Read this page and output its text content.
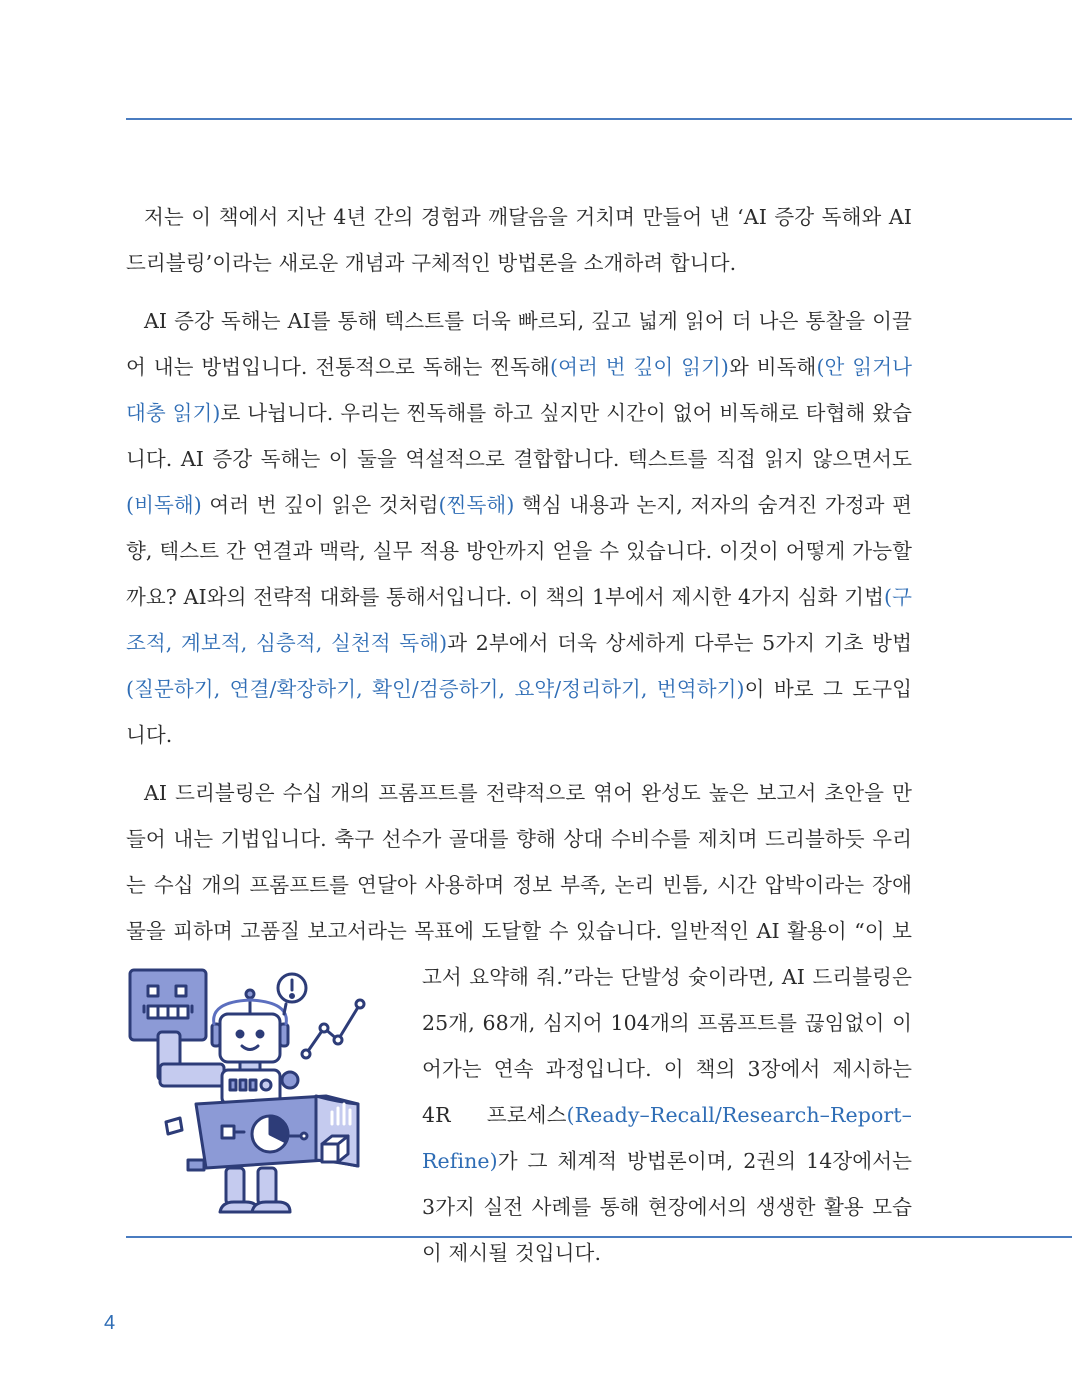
저는 이 책에서 지난 4년 간의 경험과 깨달음을 거치며 만들어 낸 ‘AI 증강 독해와 AI 드리블링’이라는 새로운 개념과 구체적인 방법론을 소개하려 합니다.

AI 증강 독해는 AI를 통해 텍스트를 더욱 빠르되, 깊고 넓게 읽어 더 나은 통찰을 이끌어 내는 방법입니다. 전통적으로 독해는 찐독해(여러 번 깊이 읽기)와 비독해(안 읽거나 대충 읽기)로 나뉩니다. 우리는 찐독해를 하고 싶지만 시간이 없어 비독해로 타협해 왔습니다. AI 증강 독해는 이 둘을 역설적으로 결합합니다. 텍스트를 직접 읽지 않으면서도(비독해) 여러 번 깊이 읽은 것처럼(찐독해) 핵심 내용과 논지, 저자의 숨겨진 가정과 편향, 텍스트 간 연결과 맥락, 실무 적용 방안까지 얻을 수 있습니다. 이것이 어떻게 가능할까요? AI와의 전략적 대화를 통해서입니다. 이 책의 1부에서 제시한 4가지 심화 기법(구조적, 계보적, 심층적, 실천적 독해)과 2부에서 더욱 상세하게 다루는 5가지 기초 방법(질문하기, 연결/확장하기, 확인/검증하기, 요약/정리하기, 번역하기)이 바로 그 도구입니다.

AI 드리블링은 수십 개의 프롬프트를 전략적으로 엮어 완성도 높은 보고서 초안을 만들어 내는 기법입니다. 축구 선수가 골대를 향해 상대 수비수를 제치며 드리블하듯 우리는 수십 개의 프롬프트를 연달아 사용하며 정보 부족, 논리 빈틈, 시간 압박이라는 장애물을 피하며 고품질 보고서라는 목표에 도달할 수 있습니다. 일반적인 AI 활용이 “이 보고서 요약해 줘.”라는 단발성 슛이라면, AI 드리블링은 25개, 68개, 심지어 104개의 프롬프트를 끊임없이 이어가는 연속 과정입니다. 이 책의 3장에서 제시하는 4R 프로세스(Ready–Recall/Research–Report–Refine)가 그 체계적 방법론이며, 2권의 14장에서는 3가지 실전 사례를 통해 현장에서의 생생한 활용 모습이 제시될 것입니다.

4
